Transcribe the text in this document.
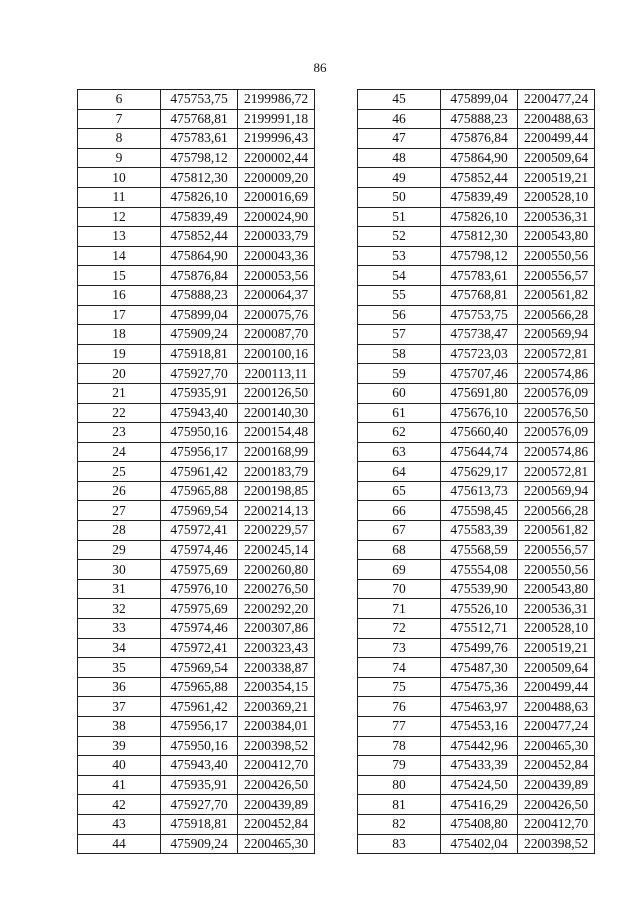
86
6	475753,75	2199986,72
7	475768,81	2199991,18
8	475783,61	2199996,43
9	475798,12	2200002,44
10	475812,30	2200009,20
11	475826,10	2200016,69
12	475839,49	2200024,90
13	475852,44	2200033,79
14	475864,90	2200043,36
15	475876,84	2200053,56
16	475888,23	2200064,37
17	475899,04	2200075,76
18	475909,24	2200087,70
19	475918,81	2200100,16
20	475927,70	2200113,11
21	475935,91	2200126,50
22	475943,40	2200140,30
23	475950,16	2200154,48
24	475956,17	2200168,99
25	475961,42	2200183,79
26	475965,88	2200198,85
27	475969,54	2200214,13
28	475972,41	2200229,57
29	475974,46	2200245,14
30	475975,69	2200260,80
31	475976,10	2200276,50
32	475975,69	2200292,20
33	475974,46	2200307,86
34	475972,41	2200323,43
35	475969,54	2200338,87
36	475965,88	2200354,15
37	475961,42	2200369,21
38	475956,17	2200384,01
39	475950,16	2200398,52
40	475943,40	2200412,70
41	475935,91	2200426,50
42	475927,70	2200439,89
43	475918,81	2200452,84
44	475909,24	2200465,30
45	475899,04	2200477,24
46	475888,23	2200488,63
47	475876,84	2200499,44
48	475864,90	2200509,64
49	475852,44	2200519,21
50	475839,49	2200528,10
51	475826,10	2200536,31
52	475812,30	2200543,80
53	475798,12	2200550,56
54	475783,61	2200556,57
55	475768,81	2200561,82
56	475753,75	2200566,28
57	475738,47	2200569,94
58	475723,03	2200572,81
59	475707,46	2200574,86
60	475691,80	2200576,09
61	475676,10	2200576,50
62	475660,40	2200576,09
63	475644,74	2200574,86
64	475629,17	2200572,81
65	475613,73	2200569,94
66	475598,45	2200566,28
67	475583,39	2200561,82
68	475568,59	2200556,57
69	475554,08	2200550,56
70	475539,90	2200543,80
71	475526,10	2200536,31
72	475512,71	2200528,10
73	475499,76	2200519,21
74	475487,30	2200509,64
75	475475,36	2200499,44
76	475463,97	2200488,63
77	475453,16	2200477,24
78	475442,96	2200465,30
79	475433,39	2200452,84
80	475424,50	2200439,89
81	475416,29	2200426,50
82	475408,80	2200412,70
83	475402,04	2200398,52
